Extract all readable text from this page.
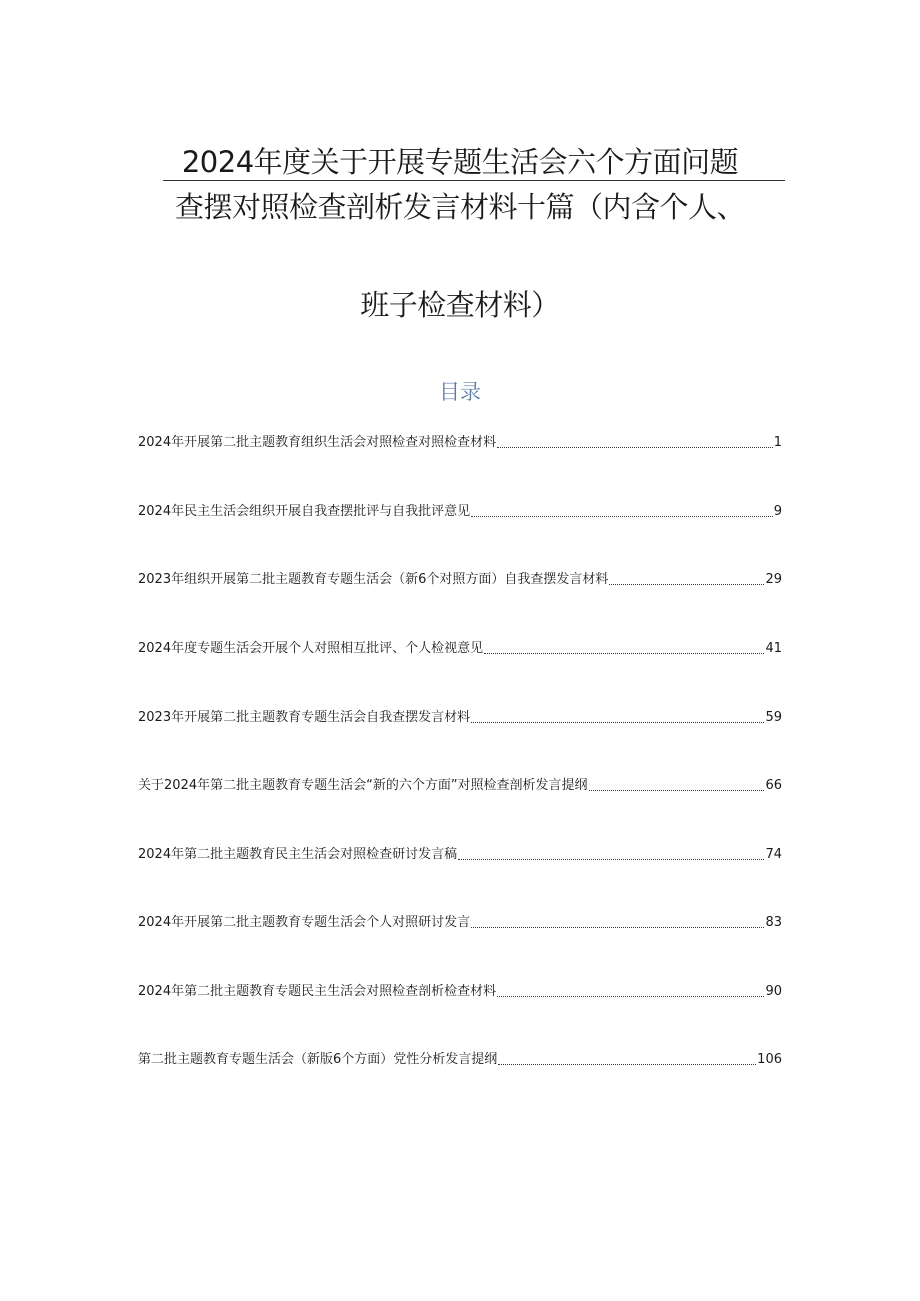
2024年度关于开展专题生活会六个方面问题
查摆对照检查剖析发言材料十篇（内含个人、
班子检查材料）
目录
2024年开展第二批主题教育组织生活会对照检查对照检查材料	1
2024年民主生活会组织开展自我查摆批评与自我批评意见	9
2023年组织开展第二批主题教育专题生活会（新6个对照方面）自我查摆发言材料	29
2024年度专题生活会开展个人对照相互批评、个人检视意见	41
2023年开展第二批主题教育专题生活会自我查摆发言材料	59
关于2024年第二批主题教育专题生活会“新的六个方面”对照检查剖析发言提纲	66
2024年第二批主题教育民主生活会对照检查研讨发言稿	74
2024年开展第二批主题教育专题生活会个人对照研讨发言	83
2024年第二批主题教育专题民主生活会对照检查剖析检查材料	90
第二批主题教育专题生活会（新版6个方面）党性分析发言提纲	106
